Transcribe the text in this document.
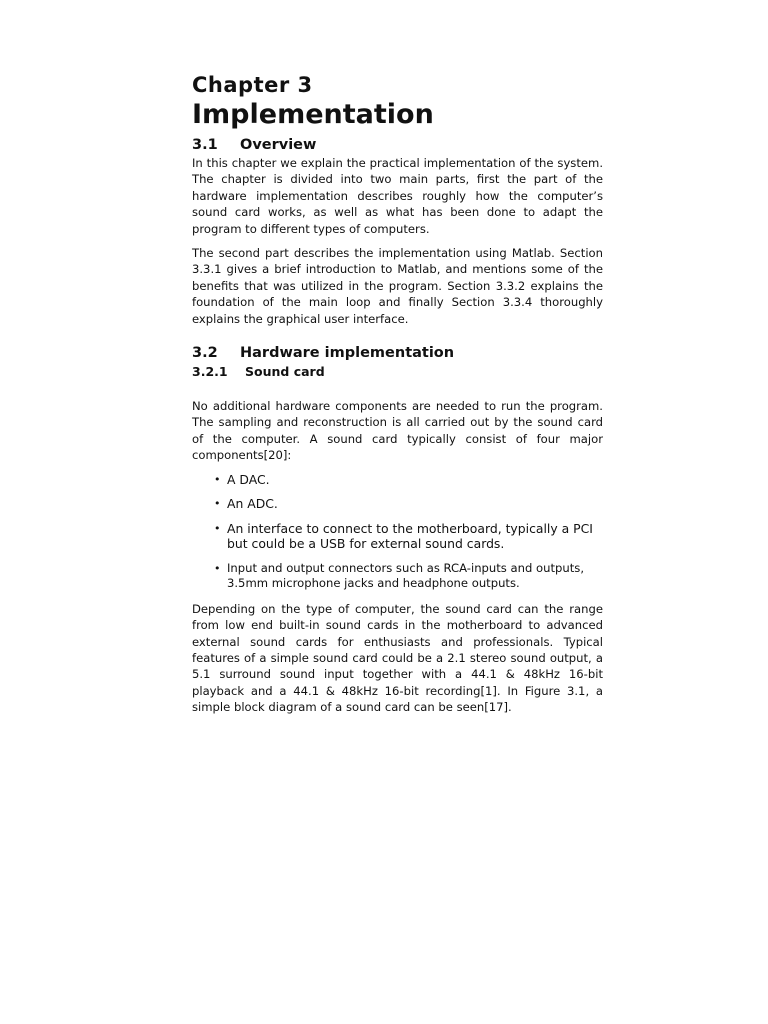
Chapter 3
Implementation
3.1	Overview

In this chapter we explain the practical implementation of the system. The chapter is divided into two main parts, first the part of the hardware implementation describes roughly how the computer’s sound card works, as well as what has been done to adapt the program to different types of computers.

The second part describes the implementation using Matlab. Section 3.3.1 gives a brief introduction to Matlab, and mentions some of the benefits that was utilized in the program. Section 3.3.2 explains the foundation of the main loop and finally Section 3.3.4 thoroughly explains the graphical user interface.

3.2	Hardware implementation
3.2.1	Sound card

No additional hardware components are needed to run the program. The sampling and reconstruction is all carried out by the sound card of the computer. A sound card typically consist of four major components[20]:

• A DAC.
• An ADC.
• An interface to connect to the motherboard, typically a PCI but could be a USB for external sound cards.
• Input and output connectors such as RCA-inputs and outputs, 3.5mm microphone jacks and headphone outputs.

Depending on the type of computer, the sound card can the range from low end built-in sound cards in the motherboard to advanced external sound cards for enthusiasts and professionals. Typical features of a simple sound card could be a 2.1 stereo sound output, a 5.1 surround sound input together with a 44.1 & 48kHz 16-bit playback and a 44.1 & 48kHz 16-bit recording[1]. In Figure 3.1, a simple block diagram of a sound card can be seen[17].
